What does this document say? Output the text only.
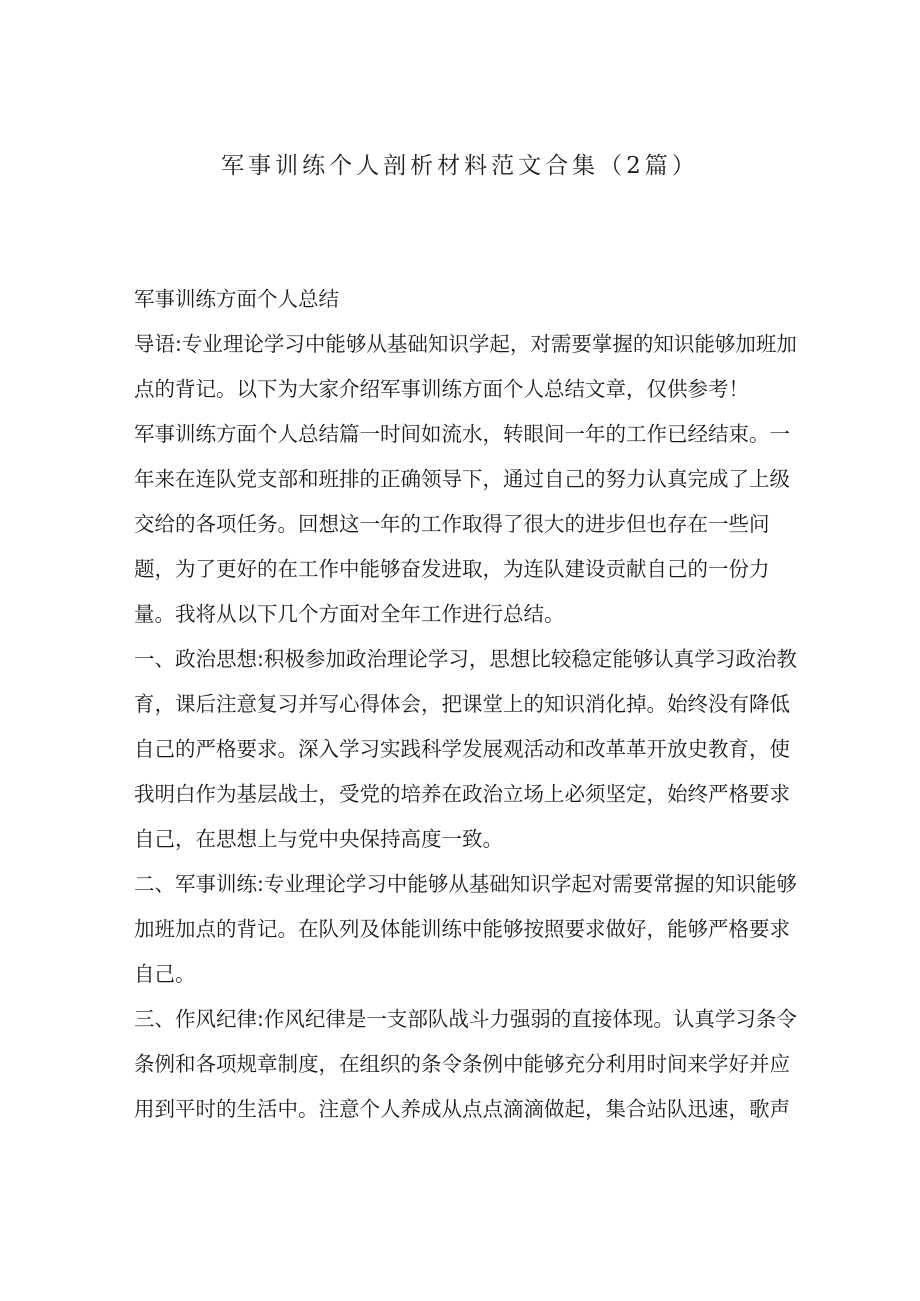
军事训练个人剖析材料范文合集（2篇）

军事训练方面个人总结

导语:专业理论学习中能够从基础知识学起，对需要掌握的知识能够加班加
点的背记。以下为大家介绍军事训练方面个人总结文章，仅供参考！

军事训练方面个人总结篇一时间如流水，转眼间一年的工作已经结束。一
年来在连队党支部和班排的正确领导下，通过自己的努力认真完成了上级
交给的各项任务。回想这一年的工作取得了很大的进步但也存在一些问
题，为了更好的在工作中能够奋发进取，为连队建设贡献自己的一份力
量。我将从以下几个方面对全年工作进行总结。

一、政治思想:积极参加政治理论学习，思想比较稳定能够认真学习政治教
育，课后注意复习并写心得体会，把课堂上的知识消化掉。始终没有降低
自己的严格要求。深入学习实践科学发展观活动和改革革开放史教育，使
我明白作为基层战士，受党的培养在政治立场上必须坚定，始终严格要求
自己，在思想上与党中央保持高度一致。

二、军事训练:专业理论学习中能够从基础知识学起对需要常握的知识能够
加班加点的背记。在队列及体能训练中能够按照要求做好，能够严格要求
自己。

三、作风纪律:作风纪律是一支部队战斗力强弱的直接体现。认真学习条令
条例和各项规章制度，在组织的条令条例中能够充分利用时间来学好并应
用到平时的生活中。注意个人养成从点点滴滴做起，集合站队迅速，歌声
